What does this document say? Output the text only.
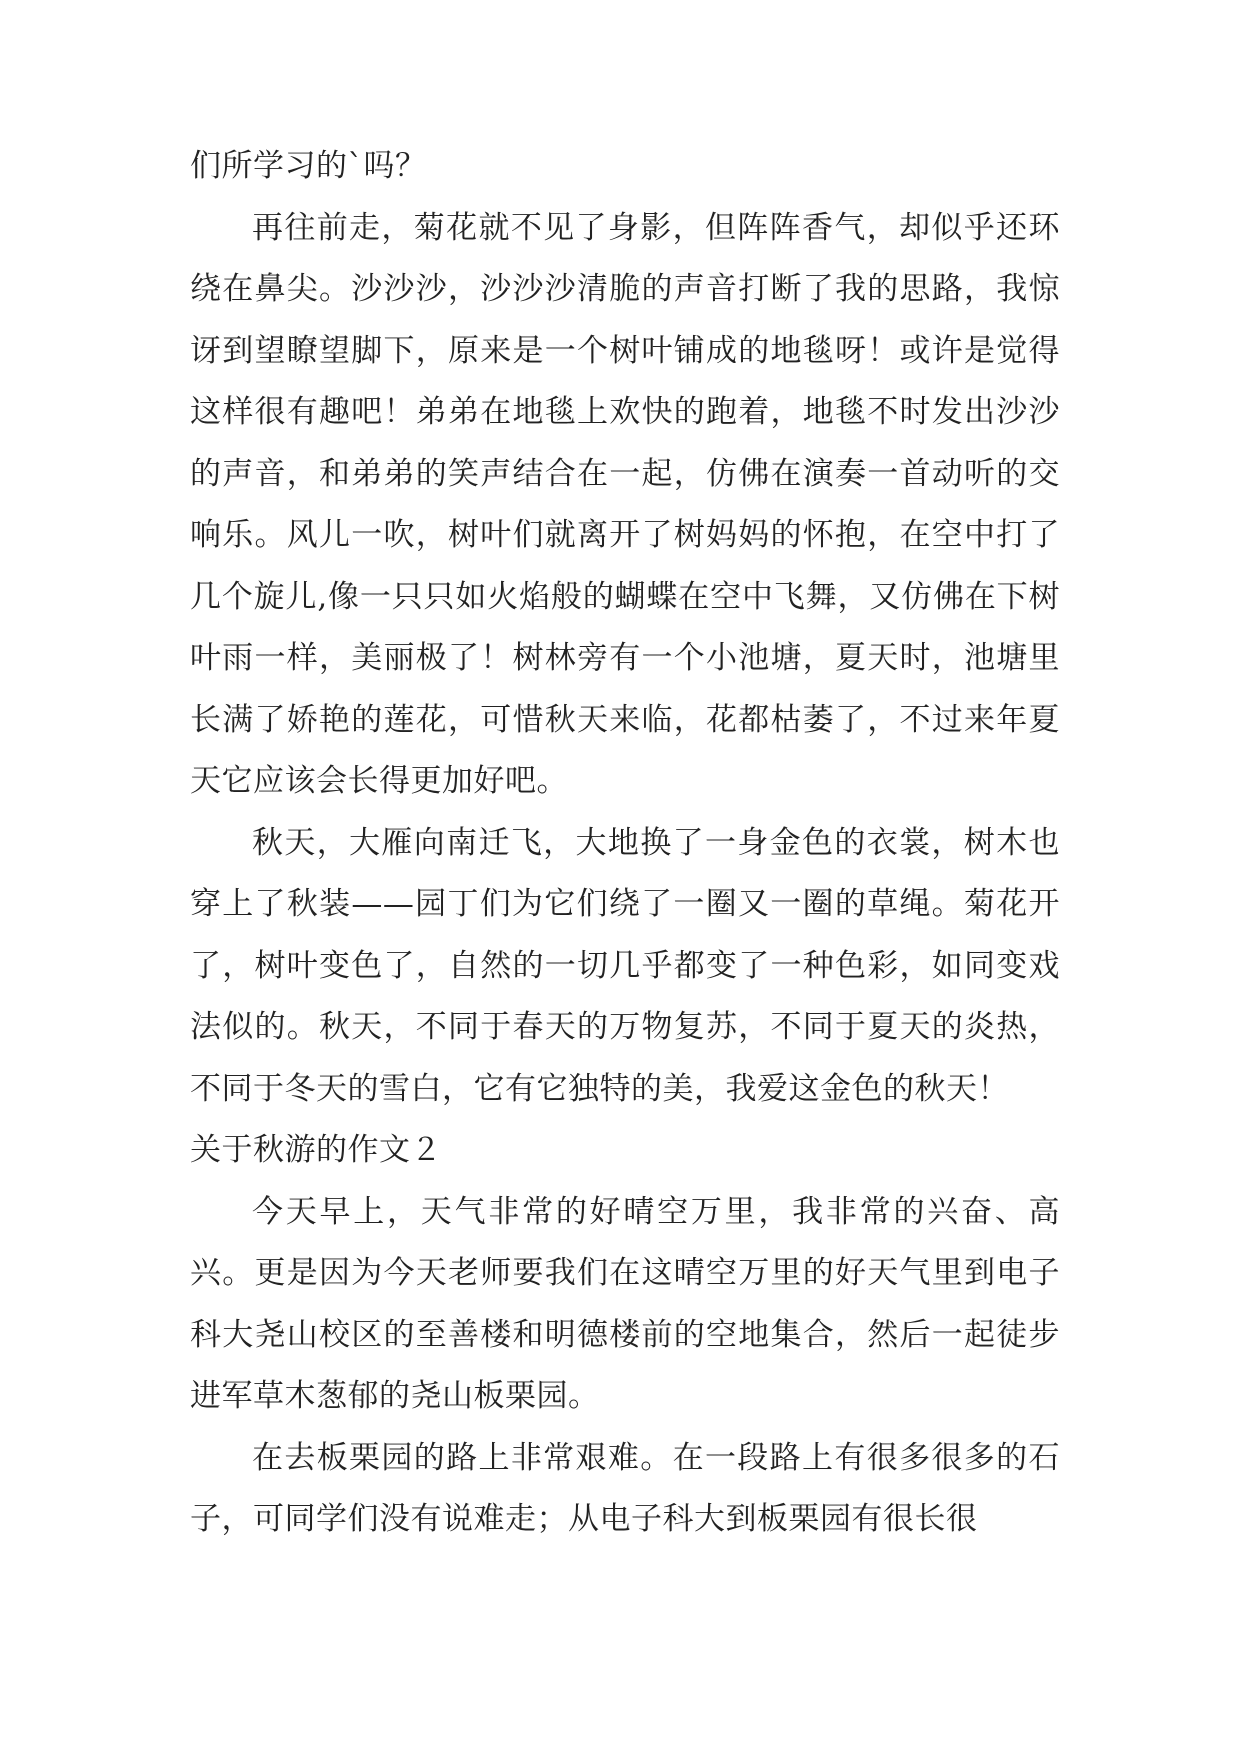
们所学习的`吗？

再往前走，菊花就不见了身影，但阵阵香气，却似乎还环绕在鼻尖。沙沙沙，沙沙沙清脆的声音打断了我的思路，我惊讶到望瞭望脚下，原来是一个树叶铺成的地毯呀！或许是觉得这样很有趣吧！弟弟在地毯上欢快的跑着，地毯不时发出沙沙的声音，和弟弟的笑声结合在一起，仿佛在演奏一首动听的交响乐。风儿一吹，树叶们就离开了树妈妈的怀抱，在空中打了几个旋儿,像一只只如火焰般的蝴蝶在空中飞舞，又仿佛在下树叶雨一样，美丽极了！树林旁有一个小池塘，夏天时，池塘里长满了娇艳的莲花，可惜秋天来临，花都枯萎了，不过来年夏天它应该会长得更加好吧。

秋天，大雁向南迁飞，大地换了一身金色的衣裳，树木也穿上了秋装——园丁们为它们绕了一圈又一圈的草绳。菊花开了，树叶变色了，自然的一切几乎都变了一种色彩，如同变戏法似的。秋天，不同于春天的万物复苏，不同于夏天的炎热，不同于冬天的雪白，它有它独特的美，我爱这金色的秋天！

关于秋游的作文２

今天早上，天气非常的好晴空万里，我非常的兴奋、高兴。更是因为今天老师要我们在这晴空万里的好天气里到电子科大尧山校区的至善楼和明德楼前的空地集合，然后一起徒步进军草木葱郁的尧山板栗园。

在去板栗园的路上非常艰难。在一段路上有很多很多的石子，可同学们没有说难走；从电子科大到板栗园有很长很
